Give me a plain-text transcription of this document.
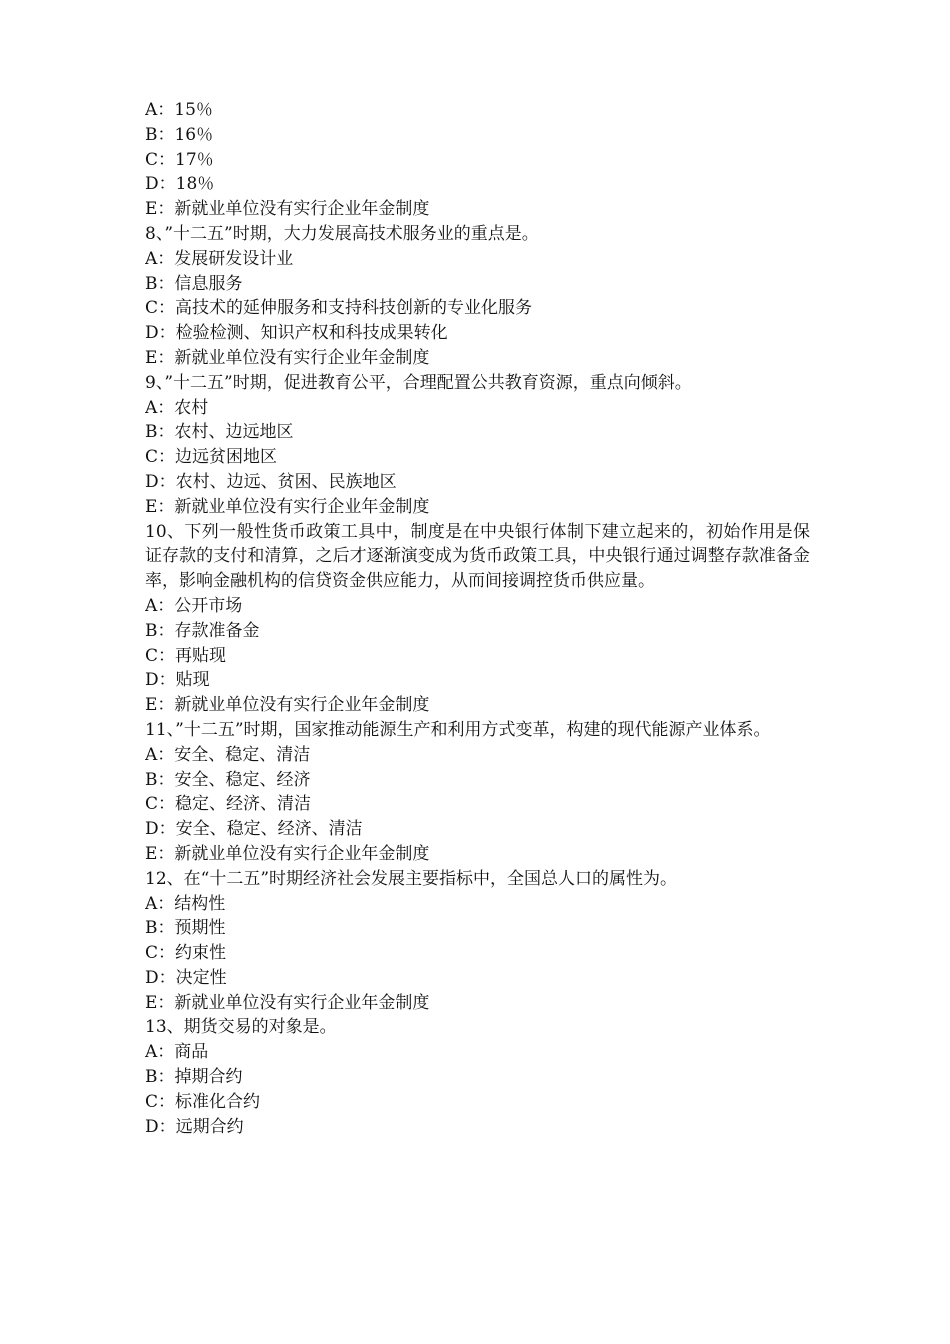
A：15％
B：16％
C：17％
D：18％
E：新就业单位没有实行企业年金制度
8、”十二五”时期，大力发展高技术服务业的重点是。
A：发展研发设计业
B：信息服务
C：高技术的延伸服务和支持科技创新的专业化服务
D：检验检测、知识产权和科技成果转化
E：新就业单位没有实行企业年金制度
9、”十二五”时期，促进教育公平，合理配置公共教育资源，重点向倾斜。
A：农村
B：农村、边远地区
C：边远贫困地区
D：农村、边远、贫困、民族地区
E：新就业单位没有实行企业年金制度
10、下列一般性货币政策工具中，制度是在中央银行体制下建立起来的，初始作用是保证存款的支付和清算，之后才逐渐演变成为货币政策工具，中央银行通过调整存款准备金率，影响金融机构的信贷资金供应能力，从而间接调控货币供应量。
A：公开市场
B：存款准备金
C：再贴现
D：贴现
E：新就业单位没有实行企业年金制度
11、”十二五”时期，国家推动能源生产和利用方式变革，构建的现代能源产业体系。
A：安全、稳定、清洁
B：安全、稳定、经济
C：稳定、经济、清洁
D：安全、稳定、经济、清洁
E：新就业单位没有实行企业年金制度
12、在“十二五”时期经济社会发展主要指标中，全国总人口的属性为。
A：结构性
B：预期性
C：约束性
D：决定性
E：新就业单位没有实行企业年金制度
13、期货交易的对象是。
A：商品
B：掉期合约
C：标准化合约
D：远期合约
